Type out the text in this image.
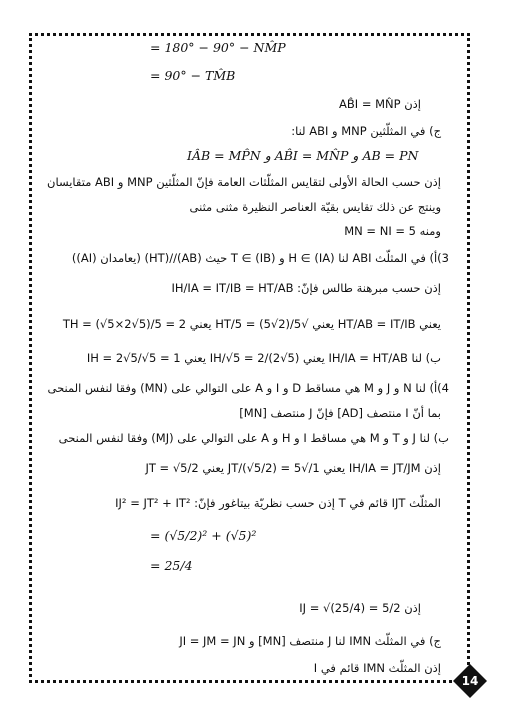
= 180° − 90° − NM̂P
= 90° − TM̂B
إذن AB̂I = MN̂P
ج) في المثلّثين MNP و ABI لنا:
IÂB = MP̂N و AB̂I = MN̂P و AB = PN
إذن حسب الحالة الأولى لتقايس المثلّثات العامة فإنّ المثلّثين MNP و ABI متقايسان
وينتج عن ذلك تقايس بقيّة العناصر النظيرة مثنى مثنى
ومنه MN = NI = 5
3)أ) في المثلّث ABI لنا H ∈ (IA) و T ∈ (IB) حيث (AB)//(HT) (يعامدان (AI))
إذن حسب مبرهنة طالس فإنّ: IH/IA = IT/IB = HT/AB
يعني HT/AB = IT/IB يعني √5/(2√5) = HT/5 يعني TH = (√5×2√5)/5 = 2
ب) لنا IH/IA = HT/AB يعني IH/√5 = 2/(2√5) يعني IH = 2√5/√5 = 1
4)أ) لنا N و J و M هي مساقط D و I و A على التوالي على (MN) وفقا لنفس المنحى
بما أنّ I منتصف [AD] فإنّ J منتصف [MN]
ب) لنا J و T و M هي مساقط I و H و A على التوالي على (MJ) وفقا لنفس المنحى
إذن IH/IA = JT/JM يعني 1/√5 = JT/(√5/2) يعني JT = √5/2
المثلّث IJT قائم في T إذن حسب نظريّة بيتاغور فإنّ: IJ² = JT² + IT²
= (√5/2)² + (√5)²
= 25/4
إذن IJ = √(25/4) = 5/2
ج) في المثلّث IMN لنا J منتصف [MN] و JI = JM = JN
إذن المثلّث IMN قائم في I
14
